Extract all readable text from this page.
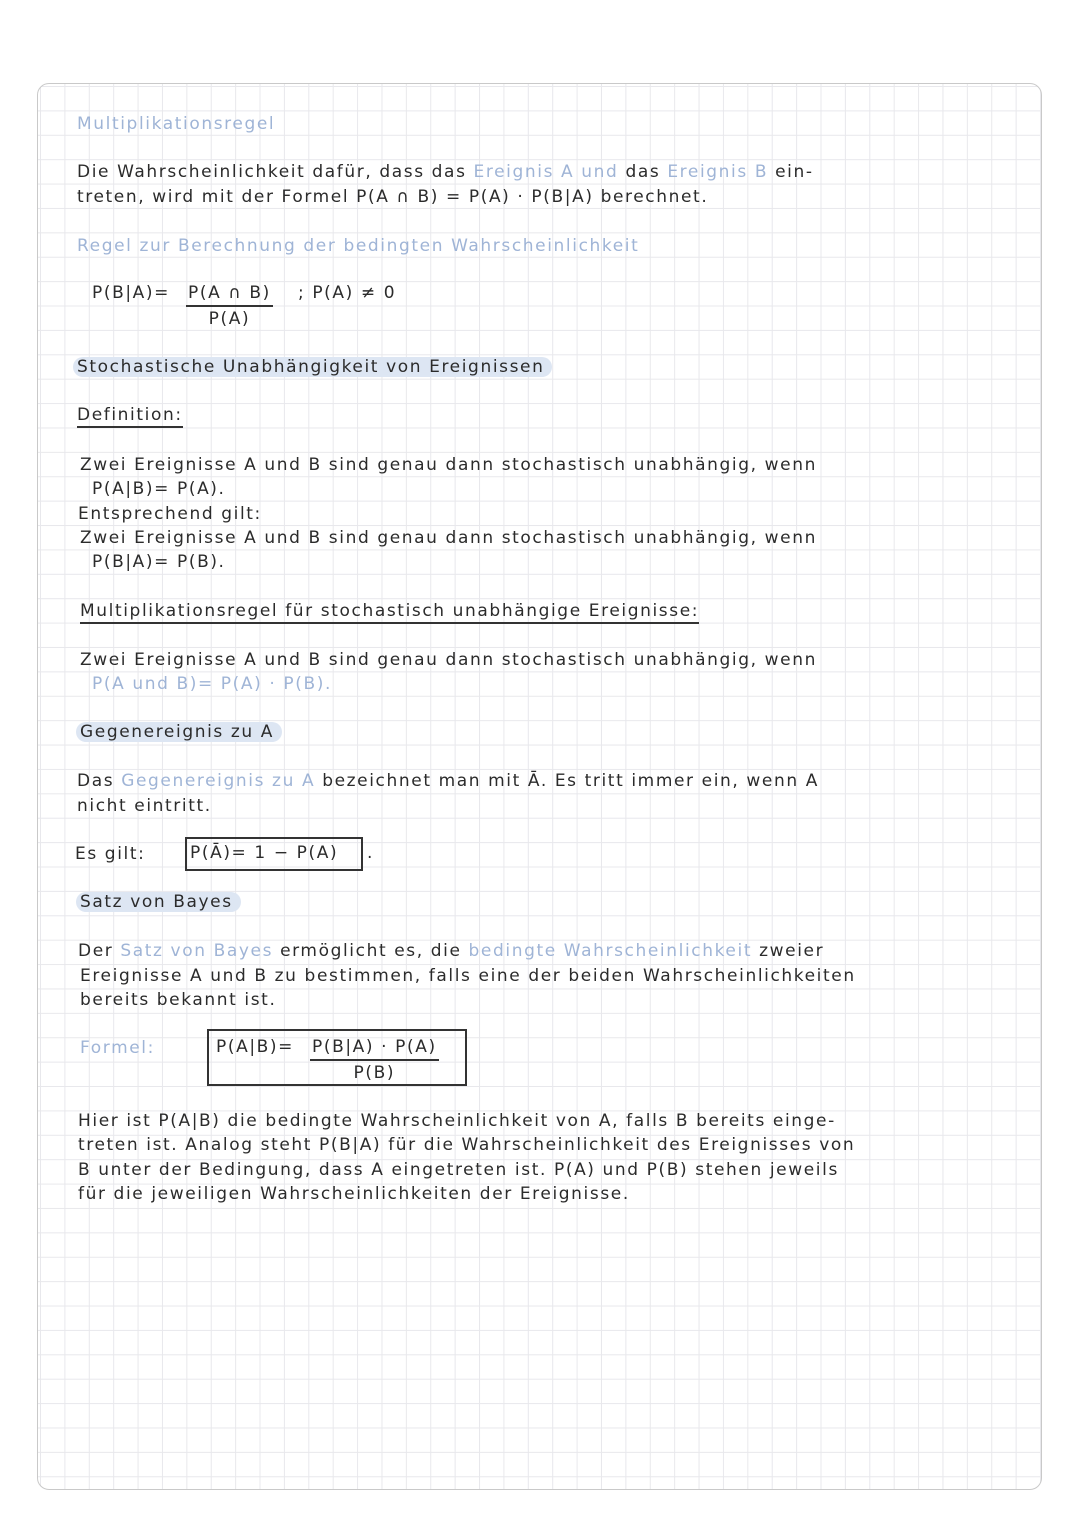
Multiplikationsregel
Die Wahrscheinlichkeit dafür, dass das Ereignis A und das Ereignis B ein-
treten, wird mit der Formel P(A ∩ B) = P(A) · P(B|A) berechnet.
Regel zur Berechnung der bedingten Wahrscheinlichkeit
$P(B|A)= \frac{P(A \cap B)}{P(A)}$ ; P(A) ≠ 0
Stochastische Unabhängigkeit von Ereignissen
Definition:
Zwei Ereignisse A und B sind genau dann stochastisch unabhängig, wenn
P(A|B)= P(A).
Entsprechend gilt:
Zwei Ereignisse A und B sind genau dann stochastisch unabhängig, wenn
P(B|A)= P(B).
Multiplikationsregel für stochastisch unabhängige Ereignisse:
Zwei Ereignisse A und B sind genau dann stochastisch unabhängig, wenn
P(A und B)= P(A) · P(B).
Gegenereignis zu A
Das Gegenereignis zu A bezeichnet man mit Ā. Es tritt immer ein, wenn A
nicht eintritt.
Es gilt:	P(Ā)= 1 − P(A) .
Satz von Bayes
Der Satz von Bayes ermöglicht es, die bedingte Wahrscheinlichkeit zweier
Ereignisse A und B zu bestimmen, falls eine der beiden Wahrscheinlichkeiten
bereits bekannt ist.
Formel:	$P(A|B)= \frac{P(B|A) \cdot P(A)}{P(B)}$
Hier ist P(A|B) die bedingte Wahrscheinlichkeit von A, falls B bereits einge-
treten ist. Analog steht P(B|A) für die Wahrscheinlichkeit des Ereignisses von
B unter der Bedingung, dass A eingetreten ist. P(A) und P(B) stehen jeweils
für die jeweiligen Wahrscheinlichkeiten der Ereignisse.
